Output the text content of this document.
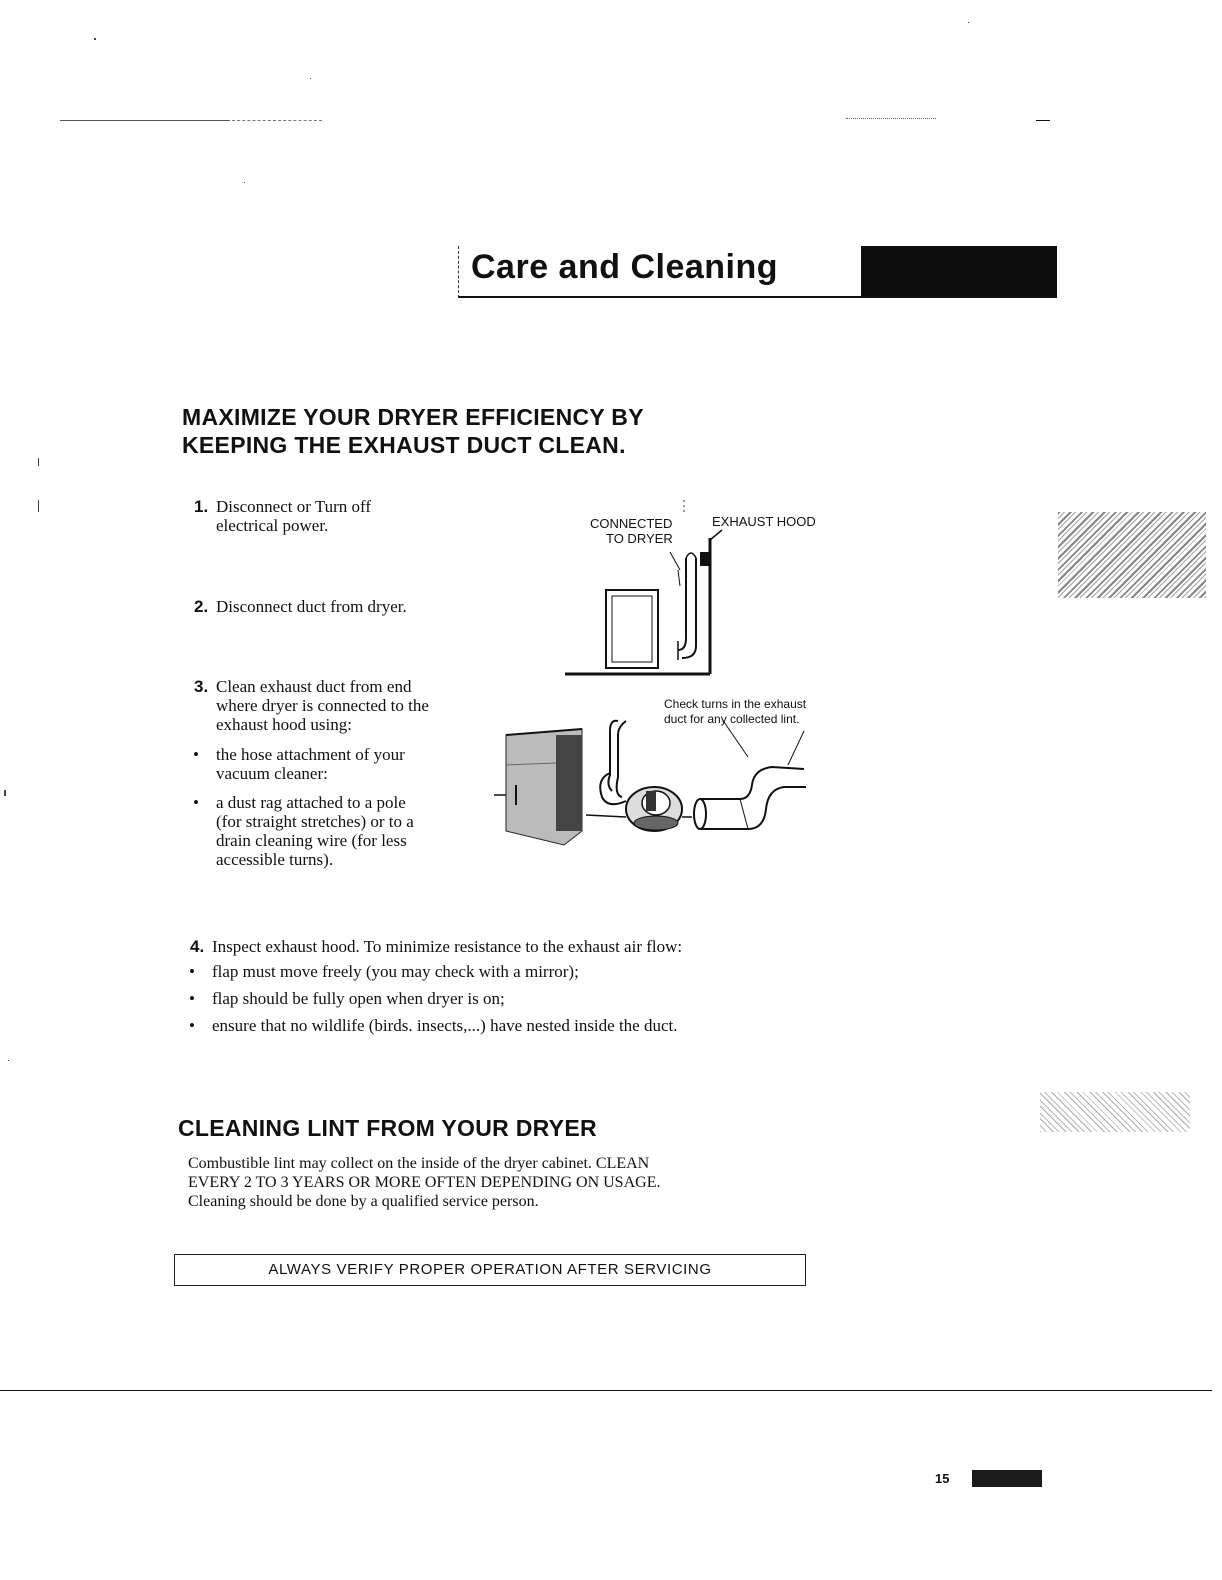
Care and Cleaning
MAXIMIZE YOUR DRYER EFFICIENCY BY
KEEPING THE EXHAUST DUCT CLEAN.
1. Disconnect or Turn off
electrical power.
2. Disconnect duct from dryer.
3. Clean exhaust duct from end
where dryer is connected to the
exhaust hood using:
• the hose attachment of your
vacuum cleaner:
• a dust rag attached to a pole
(for straight stretches) or to a
drain cleaning wire (for less
accessible turns).
CONNECTED
TO DRYER
EXHAUST HOOD
Check turns in the exhaust
duct for any collected lint.
4. Inspect exhaust hood. To minimize resistance to the exhaust air flow:
• flap must move freely (you may check with a mirror);
• flap should be fully open when dryer is on;
• ensure that no wildlife (birds. insects,...) have nested inside the duct.
CLEANING LINT FROM YOUR DRYER
Combustible lint may collect on the inside of the dryer cabinet. CLEAN
EVERY 2 TO 3 YEARS OR MORE OFTEN DEPENDING ON USAGE.
Cleaning should be done by a qualified service person.
ALWAYS VERIFY PROPER OPERATION AFTER SERVICING
15
